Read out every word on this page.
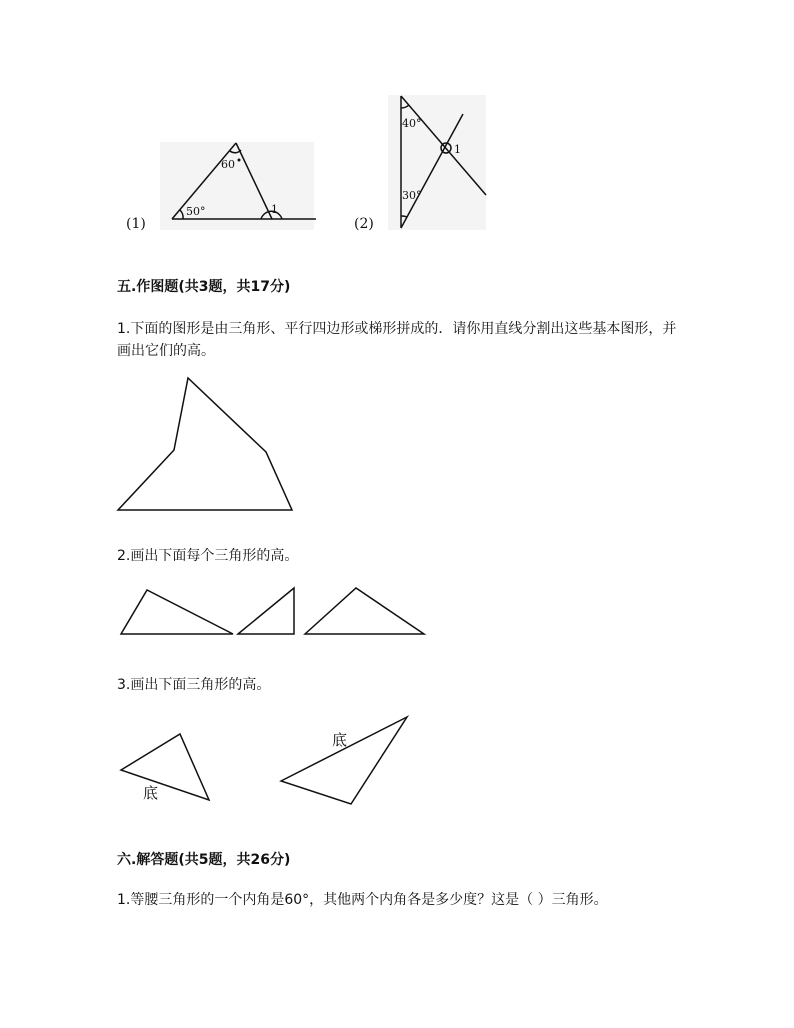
(1)	(2)
60
50°	1
40°
30°
1
底
底
五.作图题(共3题，共17分)
1.下面的图形是由三角形、平行四边形或梯形拼成的．请你用直线分割出这些基本图形，并画出它们的高。
2.画出下面每个三角形的高。
3.画出下面三角形的高。
六.解答题(共5题，共26分)
1.等腰三角形的一个内角是60°，其他两个内角各是多少度？这是（ ）三角形。
